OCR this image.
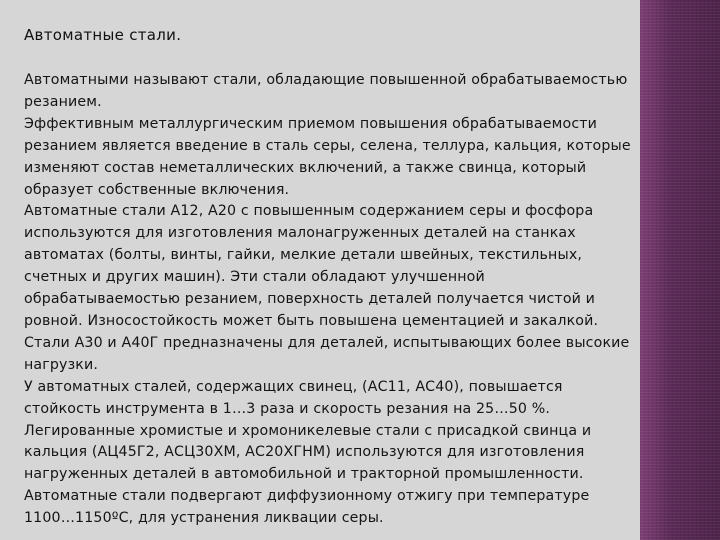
Автоматные стали.

Автоматными называют стали, обладающие повышенной обрабатываемостью
резанием.
Эффективным металлургическим приемом повышения обрабатываемости
резанием является введение в сталь серы, селена, теллура, кальция, которые
изменяют состав неметаллических включений, а также свинца, который
образует собственные включения.
Автоматные стали А12, А20 с повышенным содержанием серы и фосфора
используются для изготовления малонагруженных деталей на станках
автоматах (болты, винты, гайки, мелкие детали швейных, текстильных,
счетных и других машин). Эти стали обладают улучшенной
обрабатываемостью резанием, поверхность деталей получается чистой и
ровной. Износостойкость может быть повышена цементацией и закалкой.
Стали А30 и А40Г предназначены для деталей, испытывающих более высокие
нагрузки.
У автоматных сталей, содержащих свинец, (АС11, АС40), повышается
стойкость инструмента в 1…3 раза и скорость резания на 25…50 %.
Легированные хромистые и хромоникелевые стали с присадкой свинца и
кальция (АЦ45Г2, АСЦ30ХМ, АС20ХГНМ) используются для изготовления
нагруженных деталей в автомобильной и тракторной промышленности.
Автоматные стали подвергают диффузионному отжигу при температуре
1100…1150ºС, для устранения ликвации серы.
